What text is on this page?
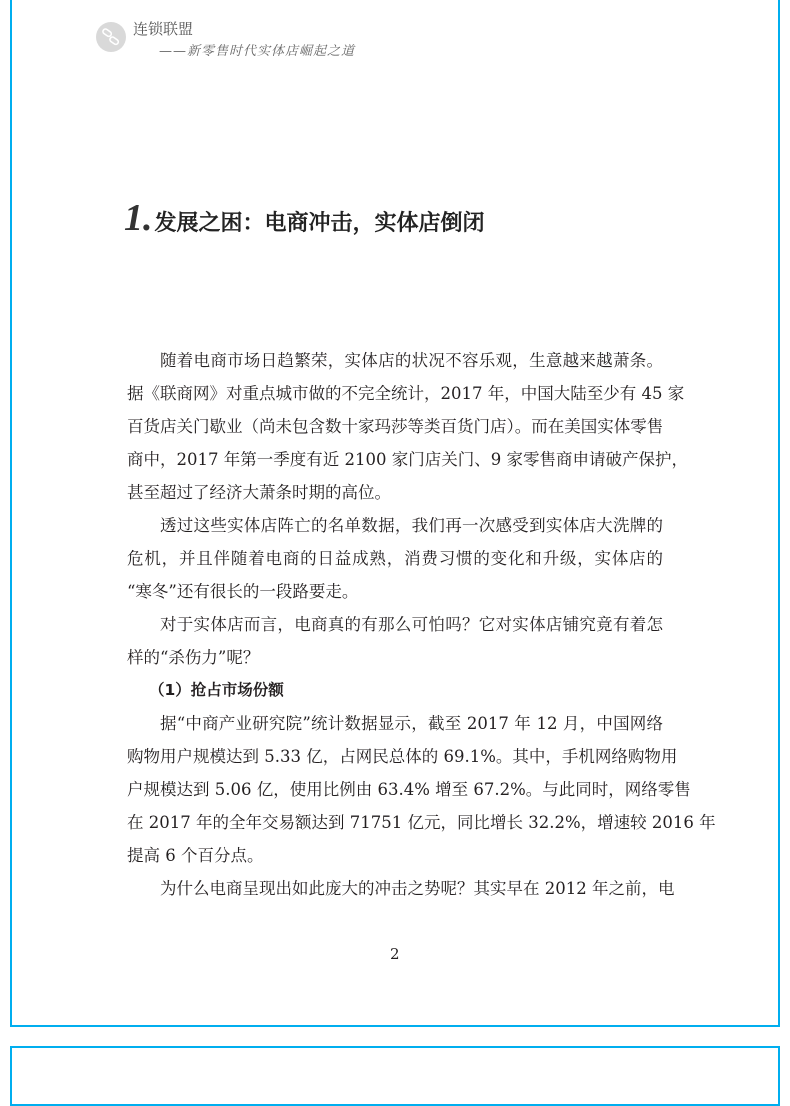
连锁联盟
——新零售时代实体店崛起之道
1.发展之困：电商冲击，实体店倒闭
随着电商市场日趋繁荣，实体店的状况不容乐观，生意越来越萧条。
据《联商网》对重点城市做的不完全统计，2017 年，中国大陆至少有 45 家
百货店关门歇业（尚未包含数十家玛莎等类百货门店）。而在美国实体零售
商中，2017 年第一季度有近 2100 家门店关门、9 家零售商申请破产保护，
甚至超过了经济大萧条时期的高位。
透过这些实体店阵亡的名单数据，我们再一次感受到实体店大洗牌的
危机，并且伴随着电商的日益成熟，消费习惯的变化和升级，实体店的
“寒冬”还有很长的一段路要走。
对于实体店而言，电商真的有那么可怕吗？它对实体店铺究竟有着怎
样的“杀伤力”呢？
（1）抢占市场份额
据“中商产业研究院”统计数据显示，截至 2017 年 12 月，中国网络
购物用户规模达到 5.33 亿，占网民总体的 69.1%。其中，手机网络购物用
户规模达到 5.06 亿，使用比例由 63.4% 增至 67.2%。与此同时，网络零售
在 2017 年的全年交易额达到 71751 亿元，同比增长 32.2%，增速较 2016 年
提高 6 个百分点。
为什么电商呈现出如此庞大的冲击之势呢？其实早在 2012 年之前，电
2
